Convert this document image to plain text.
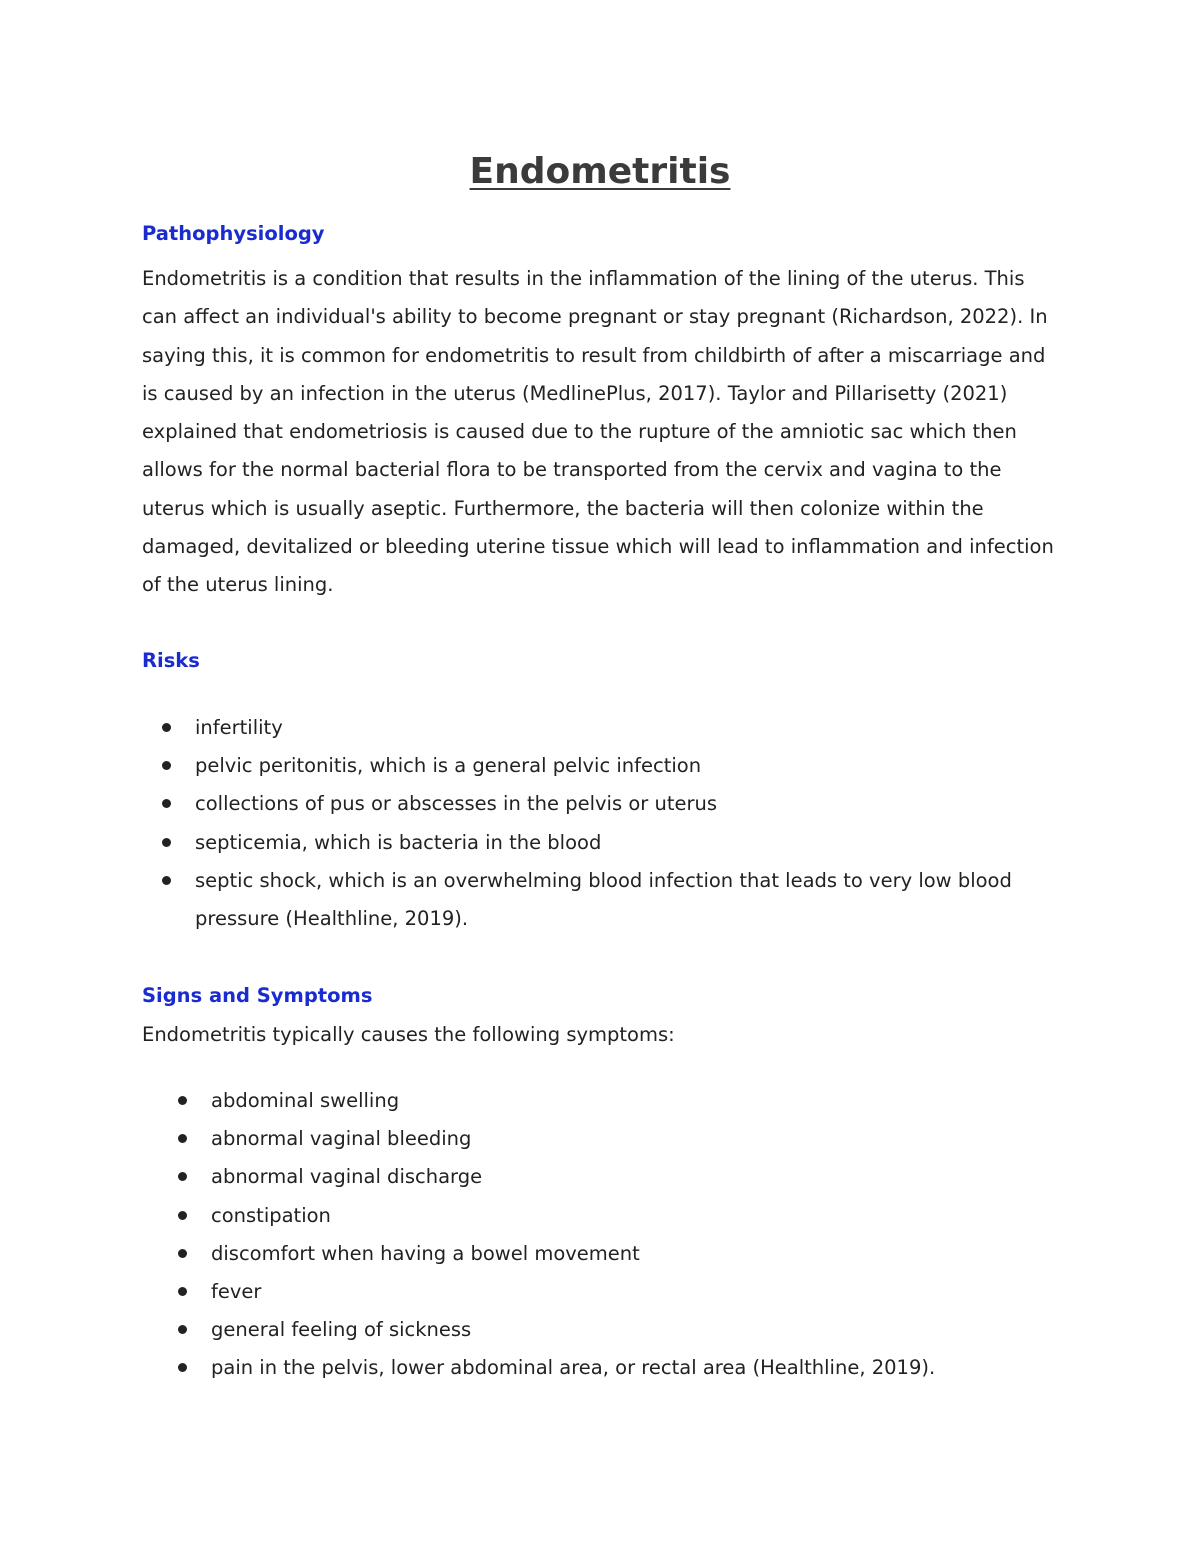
Endometritis
Pathophysiology

Endometritis is a condition that results in the inflammation of the lining of the uterus. This can affect an individual's ability to become pregnant or stay pregnant (Richardson, 2022). In saying this, it is common for endometritis to result from childbirth of after a miscarriage and is caused by an infection in the uterus (MedlinePlus, 2017). Taylor and Pillarisetty (2021) explained that endometriosis is caused due to the rupture of the amniotic sac which then allows for the normal bacterial flora to be transported from the cervix and vagina to the uterus which is usually aseptic. Furthermore, the bacteria will then colonize within the damaged, devitalized or bleeding uterine tissue which will lead to inflammation and infection of the uterus lining.

Risks
infertility
pelvic peritonitis, which is a general pelvic infection
collections of pus or abscesses in the pelvis or uterus
septicemia, which is bacteria in the blood
septic shock, which is an overwhelming blood infection that leads to very low blood pressure (Healthline, 2019).
Signs and Symptoms

Endometritis typically causes the following symptoms:

abdominal swelling
abnormal vaginal bleeding
abnormal vaginal discharge
constipation
discomfort when having a bowel movement
fever
general feeling of sickness
pain in the pelvis, lower abdominal area, or rectal area (Healthline, 2019).
